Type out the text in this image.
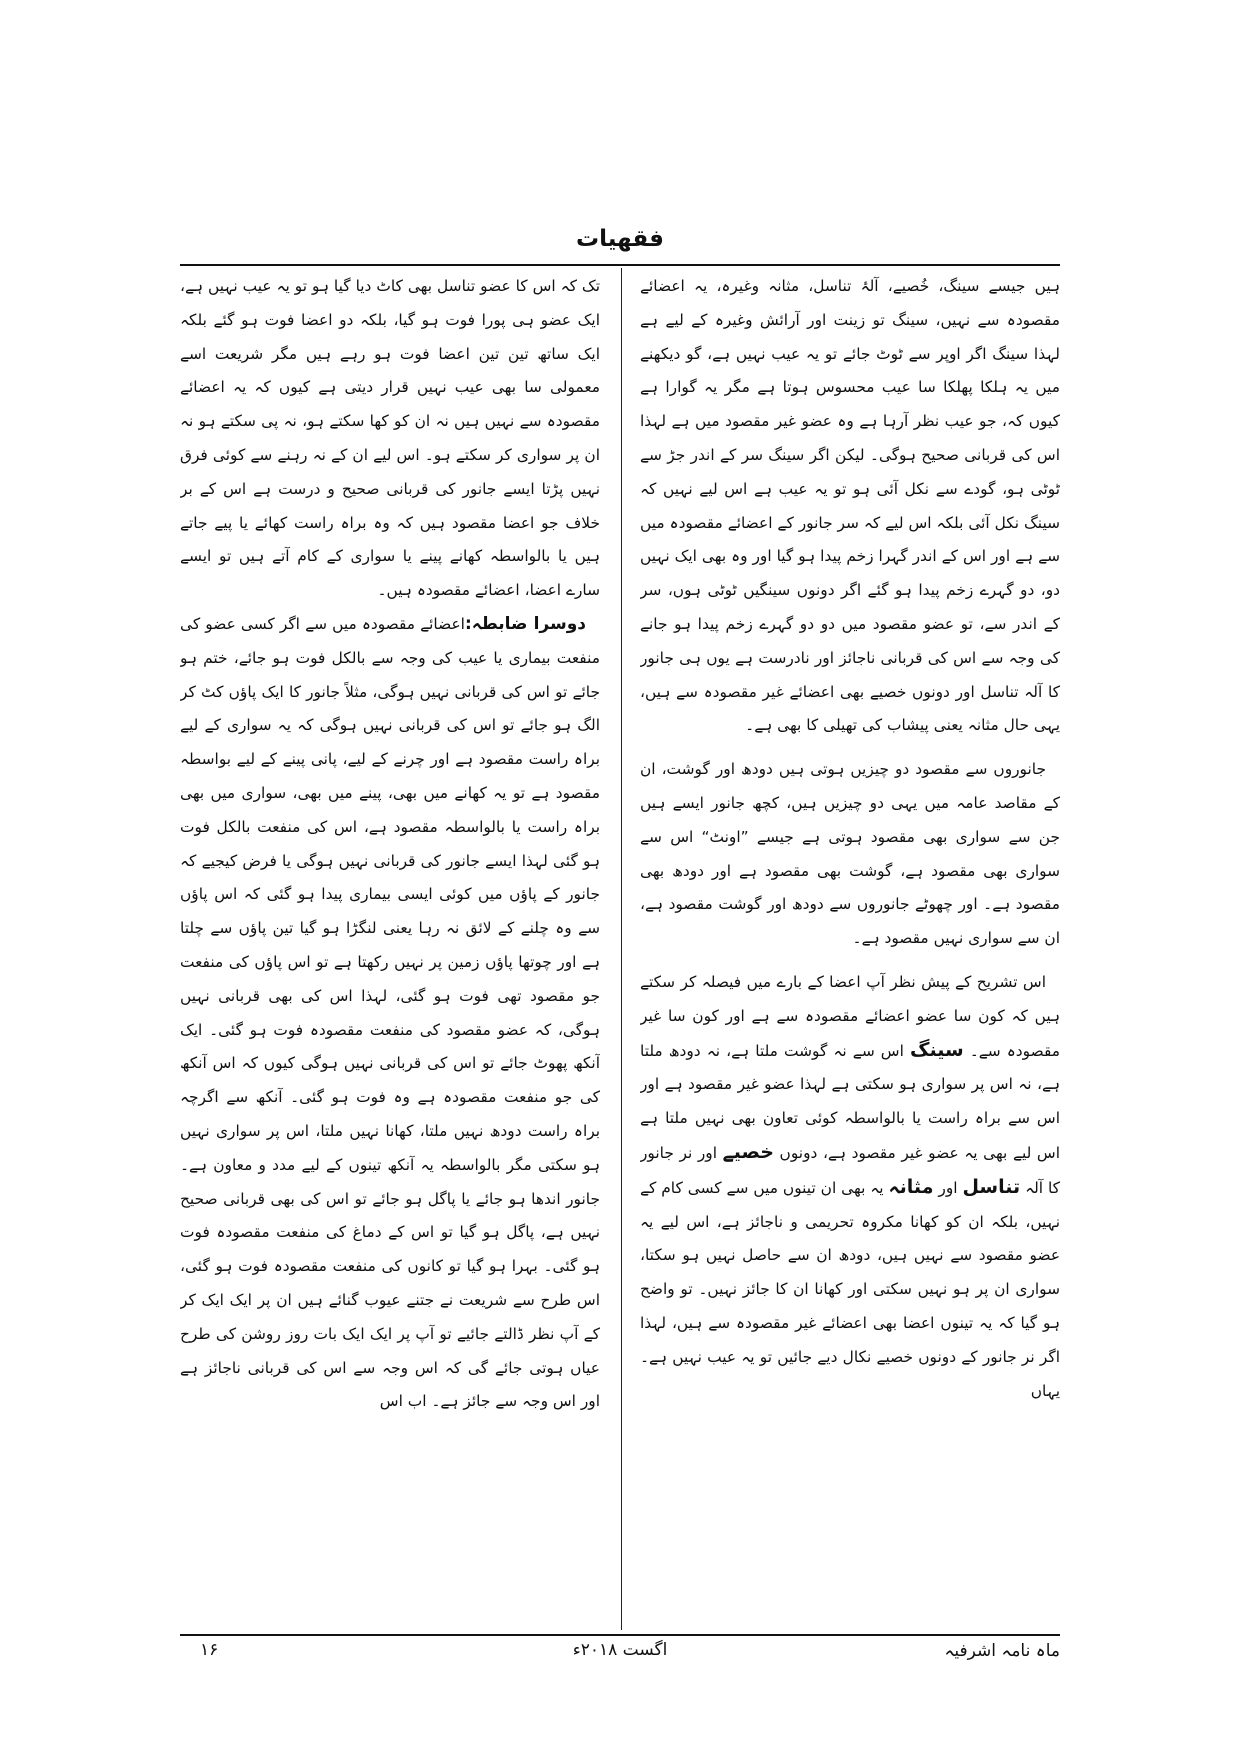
فقهيات

ہیں جیسے سینگ، خُصیے، آلۂ تناسل، مثانہ وغیرہ، یہ اعضائے مقصودہ سے نہیں، سینگ تو زینت اور آرائش وغیرہ کے لیے ہے لہذا سینگ اگر اوپر سے ٹوٹ جائے تو یہ عیب نہیں ہے، گو دیکھنے میں یہ ہلکا پھلکا سا عیب محسوس ہوتا ہے مگر یہ گوارا ہے کیوں کہ، جو عیب نظر آرہا ہے وہ عضو غیر مقصود میں ہے لہذا اس کی قربانی صحیح ہوگی۔ لیکن اگر سینگ سر کے اندر جڑ سے ٹوٹی ہو، گودے سے نکل آئی ہو تو یہ عیب ہے اس لیے نہیں کہ سینگ نکل آئی بلکہ اس لیے کہ سر جانور کے اعضائے مقصودہ میں سے ہے اور اس کے اندر گہرا زخم پیدا ہو گیا اور وہ بھی ایک نہیں دو، دو گہرے زخم پیدا ہو گئے اگر دونوں سینگیں ٹوٹی ہوں، سر کے اندر سے، تو عضو مقصود میں دو دو گہرے زخم پیدا ہو جانے کی وجہ سے اس کی قربانی ناجائز اور نادرست ہے یوں ہی جانور کا آلہ تناسل اور دونوں خصیے بھی اعضائے غیر مقصودہ سے ہیں، یہی حال مثانہ یعنی پیشاب کی تھیلی کا بھی ہے۔

جانوروں سے مقصود دو چیزیں ہوتی ہیں دودھ اور گوشت، ان کے مقاصد عامہ میں یہی دو چیزیں ہیں، کچھ جانور ایسے ہیں جن سے سواری بھی مقصود ہوتی ہے جیسے ”اونٹ“ اس سے سواری بھی مقصود ہے، گوشت بھی مقصود ہے اور دودھ بھی مقصود ہے۔ اور چھوٹے جانوروں سے دودھ اور گوشت مقصود ہے، ان سے سواری نہیں مقصود ہے۔

اس تشریح کے پیش نظر آپ اعضا کے بارے میں فیصلہ کر سکتے ہیں کہ کون سا عضو اعضائے مقصودہ سے ہے اور کون سا غیر مقصودہ سے۔ سینگ اس سے نہ گوشت ملتا ہے، نہ دودھ ملتا ہے، نہ اس پر سواری ہو سکتی ہے لہذا عضو غیر مقصود ہے اور اس سے براہ راست یا بالواسطہ کوئی تعاون بھی نہیں ملتا ہے اس لیے بھی یہ عضو غیر مقصود ہے، دونوں خصیے اور نر جانور کا آلہ تناسل اور مثانہ یہ بھی ان تینوں میں سے کسی کام کے نہیں، بلکہ ان کو کھانا مکروہ تحریمی و ناجائز ہے، اس لیے یہ عضو مقصود سے نہیں ہیں، دودھ ان سے حاصل نہیں ہو سکتا، سواری ان پر ہو نہیں سکتی اور کھانا ان کا جائز نہیں۔ تو واضح ہو گیا کہ یہ تینوں اعضا بھی اعضائے غیر مقصودہ سے ہیں، لہذا اگر نر جانور کے دونوں خصیے نکال دیے جائیں تو یہ عیب نہیں ہے۔ یہاں

تک کہ اس کا عضو تناسل بھی کاٹ دیا گیا ہو تو یہ عیب نہیں ہے، ایک عضو ہی پورا فوت ہو گیا، بلکہ دو اعضا فوت ہو گئے بلکہ ایک ساتھ تین تین اعضا فوت ہو رہے ہیں مگر شریعت اسے معمولی سا بھی عیب نہیں قرار دیتی ہے کیوں کہ یہ اعضائے مقصودہ سے نہیں ہیں نہ ان کو کھا سکتے ہو، نہ پی سکتے ہو نہ ان پر سواری کر سکتے ہو۔ اس لیے ان کے نہ رہنے سے کوئی فرق نہیں پڑتا ایسے جانور کی قربانی صحیح و درست ہے اس کے بر خلاف جو اعضا مقصود ہیں کہ وہ براہ راست کھائے یا پیے جاتے ہیں یا بالواسطہ کھانے پینے یا سواری کے کام آتے ہیں تو ایسے سارے اعضا، اعضائے مقصودہ ہیں۔

دوسرا ضابطہ:اعضائے مقصودہ میں سے اگر کسی عضو کی منفعت بیماری یا عیب کی وجہ سے بالکل فوت ہو جائے، ختم ہو جائے تو اس کی قربانی نہیں ہوگی، مثلاً جانور کا ایک پاؤں کٹ کر الگ ہو جائے تو اس کی قربانی نہیں ہوگی کہ یہ سواری کے لیے براہ راست مقصود ہے اور چرنے کے لیے، پانی پینے کے لیے بواسطہ مقصود ہے تو یہ کھانے میں بھی، پینے میں بھی، سواری میں بھی براہ راست یا بالواسطہ مقصود ہے، اس کی منفعت بالکل فوت ہو گئی لہذا ایسے جانور کی قربانی نہیں ہوگی یا فرض کیجیے کہ جانور کے پاؤں میں کوئی ایسی بیماری پیدا ہو گئی کہ اس پاؤں سے وہ چلنے کے لائق نہ رہا یعنی لنگڑا ہو گیا تین پاؤں سے چلتا ہے اور چوتھا پاؤں زمین پر نہیں رکھتا ہے تو اس پاؤں کی منفعت جو مقصود تھی فوت ہو گئی، لہذا اس کی بھی قربانی نہیں ہوگی، کہ عضو مقصود کی منفعت مقصودہ فوت ہو گئی۔ ایک آنکھ پھوٹ جائے تو اس کی قربانی نہیں ہوگی کیوں کہ اس آنکھ کی جو منفعت مقصودہ ہے وہ فوت ہو گئی۔ آنکھ سے اگرچہ براہ راست دودھ نہیں ملتا، کھانا نہیں ملتا، اس پر سواری نہیں ہو سکتی مگر بالواسطہ یہ آنکھ تینوں کے لیے مدد و معاون ہے۔ جانور اندھا ہو جائے یا پاگل ہو جائے تو اس کی بھی قربانی صحیح نہیں ہے، پاگل ہو گیا تو اس کے دماغ کی منفعت مقصودہ فوت ہو گئی۔ بہرا ہو گیا تو کانوں کی منفعت مقصودہ فوت ہو گئی، اس طرح سے شریعت نے جتنے عیوب گنائے ہیں ان پر ایک ایک کر کے آپ نظر ڈالتے جائیے تو آپ پر ایک ایک بات روز روشن کی طرح عیاں ہوتی جائے گی کہ اس وجہ سے اس کی قربانی ناجائز ہے اور اس وجہ سے جائز ہے۔ اب اس

ماہ نامہ اشرفیہ
اگست ۲۰۱۸ء
۱۶
